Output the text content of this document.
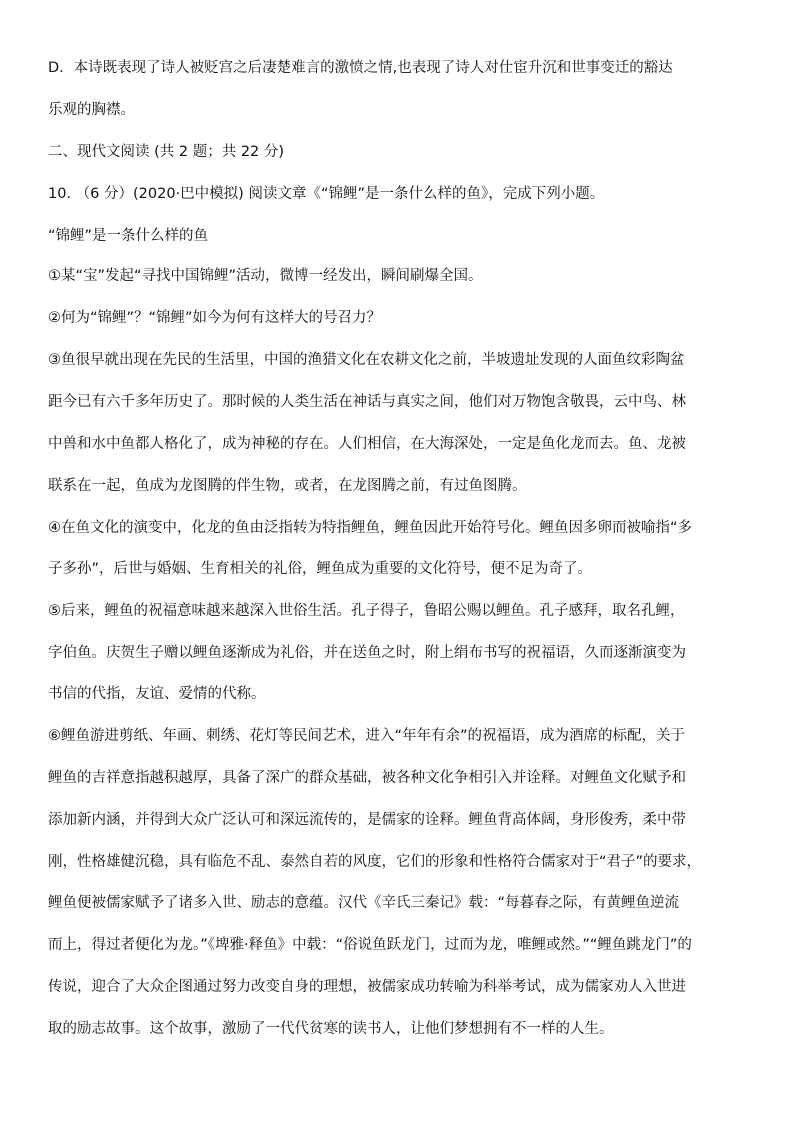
D．本诗既表现了诗人被贬宫之后凄楚难言的激愤之情,也表现了诗人对仕宦升沉和世事变迁的豁达
乐观的胸襟。
二、现代文阅读 (共 2 题；共 22 分)
10. （6 分）(2020·巴中模拟) 阅读文章《“锦鲤”是一条什么样的鱼》，完成下列小题。
“锦鲤”是一条什么样的鱼
①某“宝”发起“寻找中国锦鲤”活动，微博一经发出，瞬间刷爆全国。
②何为“锦鲤”？“锦鲤”如今为何有这样大的号召力？
③鱼很早就出现在先民的生活里，中国的渔猎文化在农耕文化之前，半坡遗址发现的人面鱼纹彩陶盆
距今已有六千多年历史了。那时候的人类生活在神话与真实之间，他们对万物饱含敬畏，云中鸟、林
中兽和水中鱼都人格化了，成为神秘的存在。人们相信，在大海深处，一定是鱼化龙而去。鱼、龙被
联系在一起，鱼成为龙图腾的伴生物，或者，在龙图腾之前，有过鱼图腾。
④在鱼文化的演变中，化龙的鱼由泛指转为特指鲤鱼，鲤鱼因此开始符号化。鲤鱼因多卵而被喻指“多
子多孙”，后世与婚姻、生育相关的礼俗，鲤鱼成为重要的文化符号，便不足为奇了。
⑤后来，鲤鱼的祝福意味越来越深入世俗生活。孔子得子，鲁昭公赐以鲤鱼。孔子感拜，取名孔鲤，
字伯鱼。庆贺生子赠以鲤鱼逐渐成为礼俗，并在送鱼之时，附上绢布书写的祝福语，久而逐渐演变为
书信的代指，友谊、爱情的代称。
⑥鲤鱼游进剪纸、年画、刺绣、花灯等民间艺术，进入“年年有余”的祝福语，成为酒席的标配，关于
鲤鱼的吉祥意指越积越厚，具备了深广的群众基础，被各种文化争相引入并诠释。对鲤鱼文化赋予和
添加新内涵，并得到大众广泛认可和深远流传的，是儒家的诠释。鲤鱼背高体阔，身形俊秀，柔中带
刚，性格雄健沉稳，具有临危不乱、泰然自若的风度，它们的形象和性格符合儒家对于“君子”的要求，
鲤鱼便被儒家赋予了诸多入世、励志的意蕴。汉代《辛氏三秦记》载：“每暮春之际，有黄鲤鱼逆流
而上，得过者便化为龙。”《埤雅·释鱼》中载：“俗说鱼跃龙门，过而为龙，唯鲤或然。”“鲤鱼跳龙门”的
传说，迎合了大众企图通过努力改变自身的理想，被儒家成功转喻为科举考试，成为儒家劝人入世进
取的励志故事。这个故事，激励了一代代贫寒的读书人，让他们梦想拥有不一样的人生。
